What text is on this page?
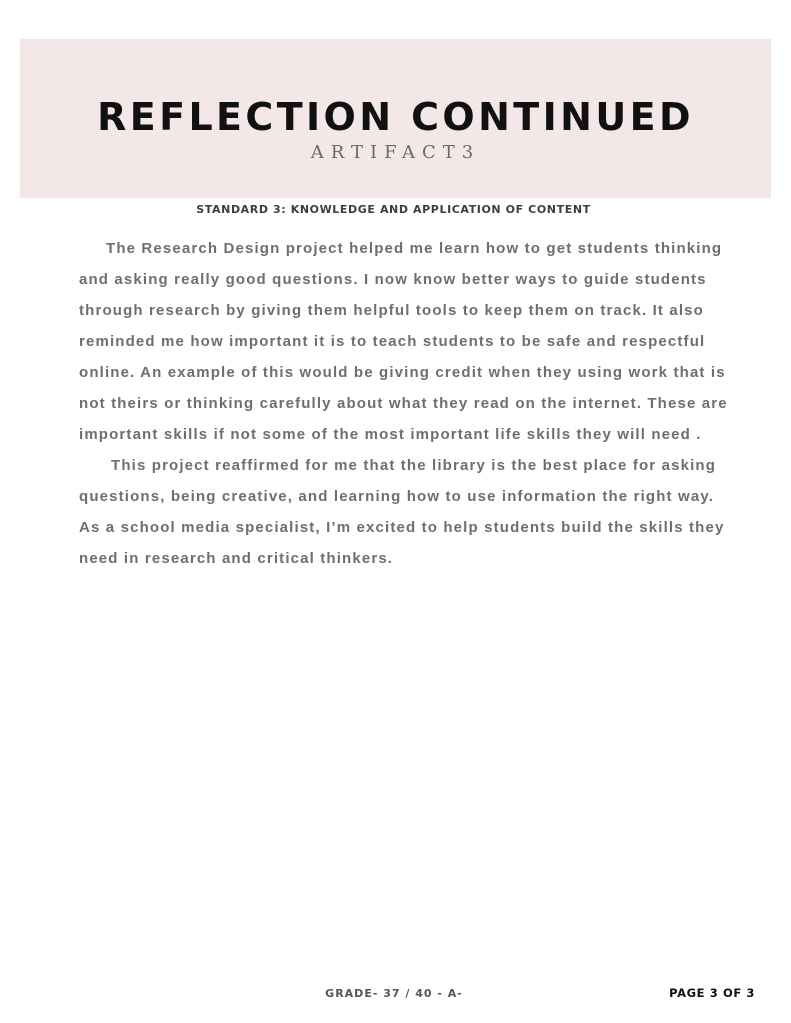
REFLECTION CONTINUED
ARTIFACT3
STANDARD 3: KNOWLEDGE AND APPLICATION OF CONTENT

The Research Design project helped me learn how to get students thinking and asking really good questions. I now know better ways to guide students through research by giving them helpful tools to keep them on track. It also reminded me how important it is to teach students to be safe and respectful online. An example of this would be giving credit when they using work that is not theirs or thinking carefully about what they read on the internet. These are important skills if not some of the most important life skills they will need .

This project reaffirmed for me that the library is the best place for asking questions, being creative, and learning how to use information the right way. As a school media specialist, I’m excited to help students build the skills they need in research and critical thinkers.

GRADE- 37 / 40 - A-	PAGE 3 OF 3
